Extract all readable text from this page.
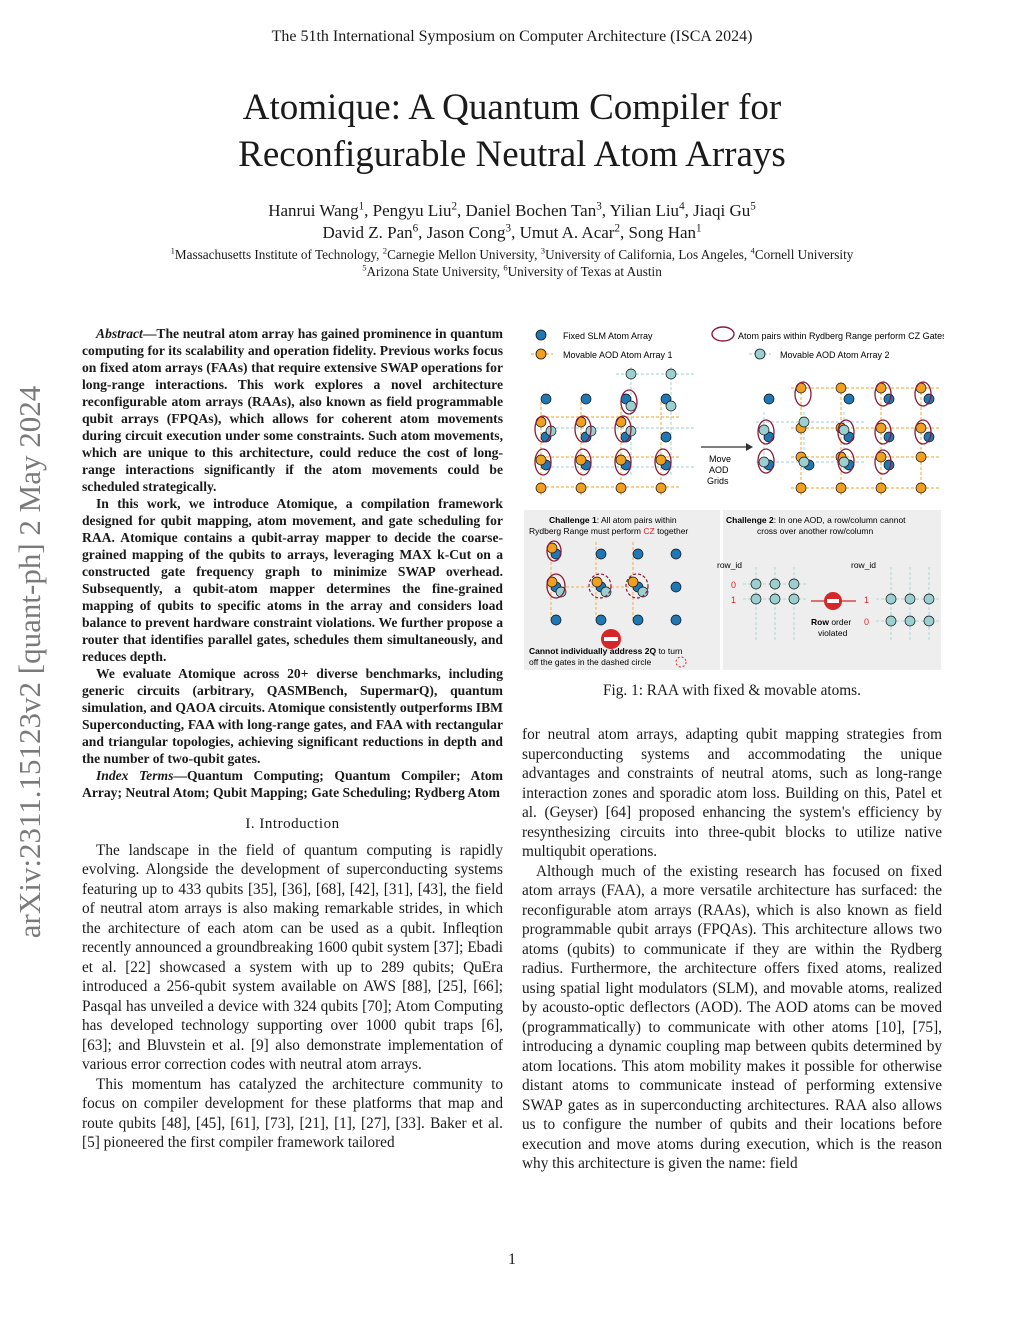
The 51th International Symposium on Computer Architecture (ISCA 2024)
Atomique: A Quantum Compiler for
Reconfigurable Neutral Atom Arrays
Hanrui Wang$^1$, Pengyu Liu$^2$, Daniel Bochen Tan$^3$, Yilian Liu$^4$, Jiaqi Gu$^5$
David Z. Pan$^6$, Jason Cong$^3$, Umut A. Acar$^2$, Song Han$^1$
$^1$Massachusetts Institute of Technology, $^2$Carnegie Mellon University, $^3$University of California, Los Angeles, $^4$Cornell University
$^5$Arizona State University, $^6$University of Texas at Austin
arXiv:2311.15123v2 [quant-ph] 2 May 2024

Abstract—The neutral atom array has gained prominence in quantum computing for its scalability and operation fidelity. Previous works focus on fixed atom arrays (FAAs) that require extensive SWAP operations for long-range interactions. This work explores a novel architecture reconfigurable atom arrays (RAAs), also known as field programmable qubit arrays (FPQAs), which allows for coherent atom movements during circuit execution under some constraints. Such atom movements, which are unique to this architecture, could reduce the cost of long-range interactions significantly if the atom movements could be scheduled strategically.

In this work, we introduce Atomique, a compilation framework designed for qubit mapping, atom movement, and gate scheduling for RAA. Atomique contains a qubit-array mapper to decide the coarse-grained mapping of the qubits to arrays, leveraging MAX k-Cut on a constructed gate frequency graph to minimize SWAP overhead. Subsequently, a qubit-atom mapper determines the fine-grained mapping of qubits to specific atoms in the array and considers load balance to prevent hardware constraint violations. We further propose a router that identifies parallel gates, schedules them simultaneously, and reduces depth.

We evaluate Atomique across 20+ diverse benchmarks, including generic circuits (arbitrary, QASMBench, SupermarQ), quantum simulation, and QAOA circuits. Atomique consistently outperforms IBM Superconducting, FAA with long-range gates, and FAA with rectangular and triangular topologies, achieving significant reductions in depth and the number of two-qubit gates.

Index Terms—Quantum Computing; Quantum Compiler; Atom Array; Neutral Atom; Qubit Mapping; Gate Scheduling; Rydberg Atom

I. Introduction

The landscape in the field of quantum computing is rapidly evolving. Alongside the development of superconducting systems featuring up to 433 qubits [35], [36], [68], [42], [31], [43], the field of neutral atom arrays is also making remarkable strides, in which the architecture of each atom can be used as a qubit. Infleqtion recently announced a groundbreaking 1600 qubit system [37]; Ebadi et al. [22] showcased a system with up to 289 qubits; QuEra introduced a 256-qubit system available on AWS [88], [25], [66]; Pasqal has unveiled a device with 324 qubits [70]; Atom Computing has developed technology supporting over 1000 qubit traps [6], [63]; and Bluvstein et al. [9] also demonstrate implementation of various error correction codes with neutral atom arrays.

This momentum has catalyzed the architecture community to focus on compiler development for these platforms that map and route qubits [48], [45], [61], [73], [21], [1], [27], [33]. Baker et al. [5] pioneered the first compiler framework tailored

Fixed SLM Atom Array	Atom pairs within Rydberg Range perform CZ Gates
Movable AOD Atom Array 1	Movable AOD Atom Array 2
Move
AOD
Grids
Challenge 1: All atom pairs within
Rydberg Range must perform CZ together
Cannot individually address 2Q to turn
off the gates in the dashed circle
Challenge 2: In one AOD, a row/column cannot
cross over another row/column
row_id
0
1
Row order
violated
row_id
1
0
Fig. 1: RAA with fixed & movable atoms.

for neutral atom arrays, adapting qubit mapping strategies from superconducting systems and accommodating the unique advantages and constraints of neutral atoms, such as long-range interaction zones and sporadic atom loss. Building on this, Patel et al. (Geyser) [64] proposed enhancing the system's efficiency by resynthesizing circuits into three-qubit blocks to utilize native multiqubit operations.

Although much of the existing research has focused on fixed atom arrays (FAA), a more versatile architecture has surfaced: the reconfigurable atom arrays (RAAs), which is also known as field programmable qubit arrays (FPQAs). This architecture allows two atoms (qubits) to communicate if they are within the Rydberg radius. Furthermore, the architecture offers fixed atoms, realized using spatial light modulators (SLM), and movable atoms, realized by acousto-optic deflectors (AOD). The AOD atoms can be moved (programmatically) to communicate with other atoms [10], [75], introducing a dynamic coupling map between qubits determined by atom locations. This atom mobility makes it possible for otherwise distant atoms to communicate instead of performing extensive SWAP gates as in superconducting architectures. RAA also allows us to configure the number of qubits and their locations before execution and move atoms during execution, which is the reason why this architecture is given the name: field

1
